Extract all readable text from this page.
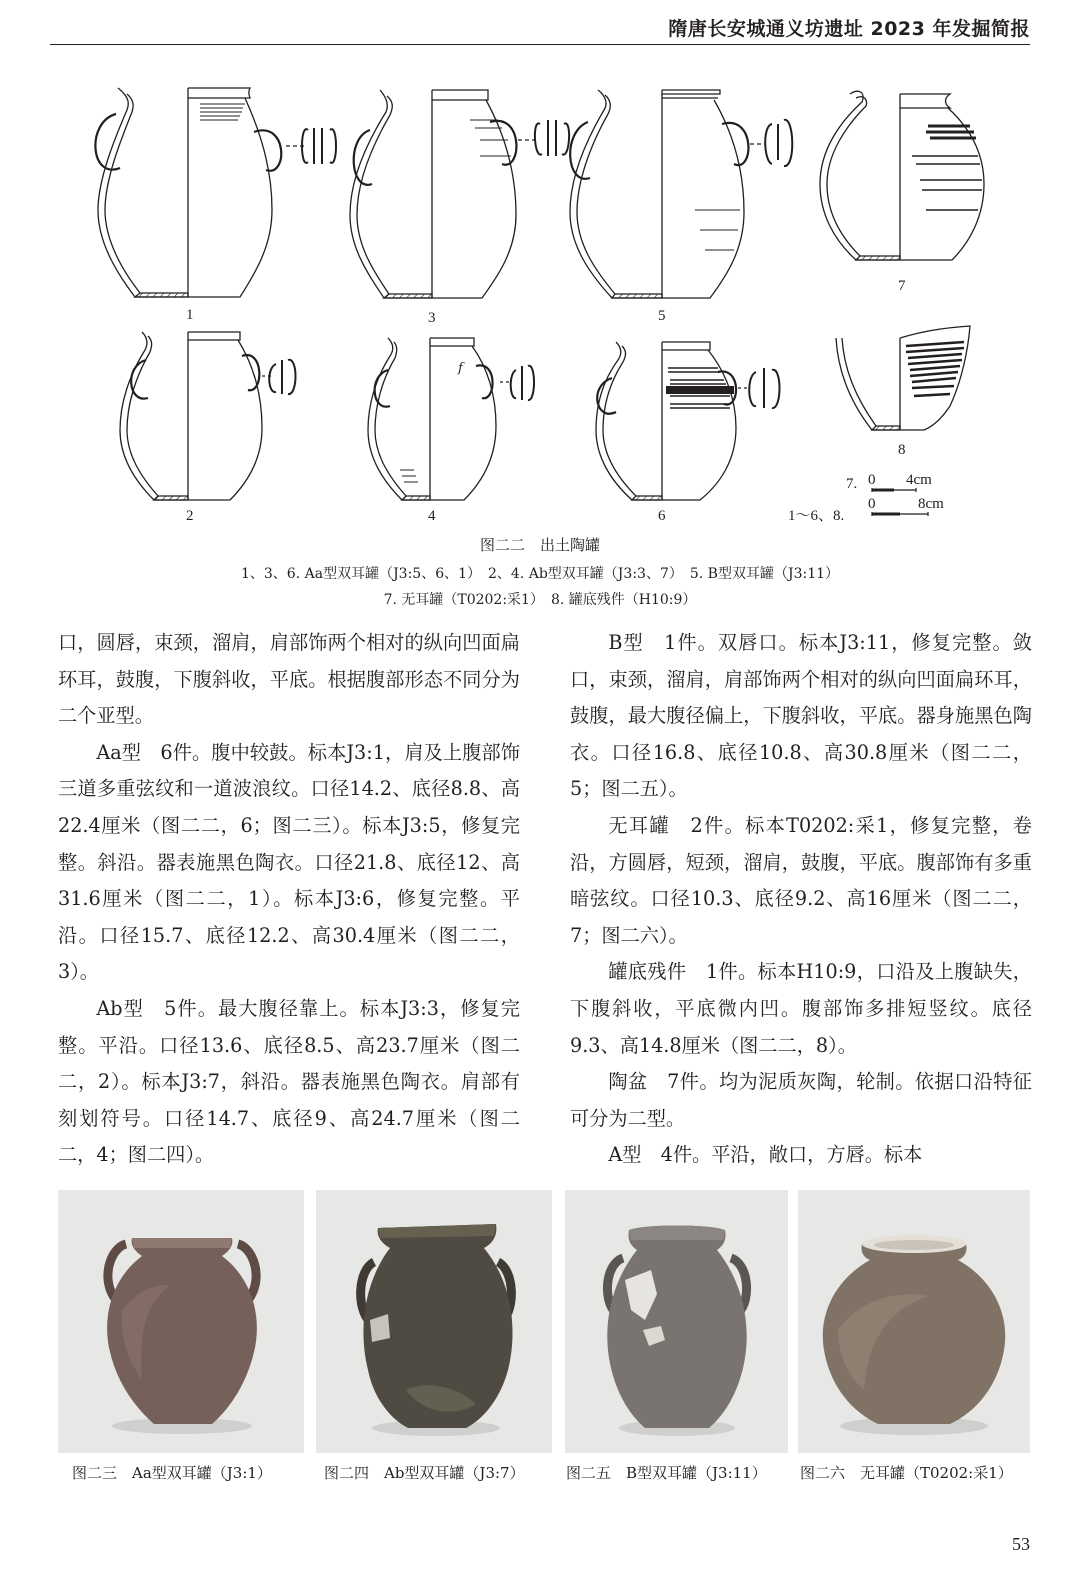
隋唐长安城通义坊遗址 2023 年发掘简报
f
1
2
3
4
5
6
7
8
7. 0 4cm
1～6、8.
0	8cm
图二二　出土陶罐
1、3、6. Aa型双耳罐（J3:5、6、1）　2、4. Ab型双耳罐（J3:3、7）　5. B型双耳罐（J3:11）
7. 无耳罐（T0202:采1）　8. 罐底残件（H10:9）

口，圆唇，束颈，溜肩，肩部饰两个相对的纵向凹面扁环耳，鼓腹，下腹斜收，平底。根据腹部形态不同分为二个亚型。

Aa型　6件。腹中较鼓。标本J3:1，肩及上腹部饰三道多重弦纹和一道波浪纹。口径14.2、底径8.8、高22.4厘米（图二二，6；图二三）。标本J3:5，修复完整。斜沿。器表施黑色陶衣。口径21.8、底径12、高31.6厘米（图二二，1）。标本J3:6，修复完整。平沿。口径15.7、底径12.2、高30.4厘米（图二二，3）。

Ab型　5件。最大腹径靠上。标本J3:3，修复完整。平沿。口径13.6、底径8.5、高23.7厘米（图二二，2）。标本J3:7，斜沿。器表施黑色陶衣。肩部有刻划符号。口径14.7、底径9、高24.7厘米（图二二，4；图二四）。

B型　1件。双唇口。标本J3:11，修复完整。敛口，束颈，溜肩，肩部饰两个相对的纵向凹面扁环耳，鼓腹，最大腹径偏上，下腹斜收，平底。器身施黑色陶衣。口径16.8、底径10.8、高30.8厘米（图二二，5；图二五）。

无耳罐　2件。标本T0202:采1，修复完整，卷沿，方圆唇，短颈，溜肩，鼓腹，平底。腹部饰有多重暗弦纹。口径10.3、底径9.2、高16厘米（图二二，7；图二六）。

罐底残件　1件。标本H10:9，口沿及上腹缺失，下腹斜收，平底微内凹。腹部饰多排短竖纹。底径9.3、高14.8厘米（图二二，8）。

陶盆　7件。均为泥质灰陶，轮制。依据口沿特征可分为二型。

A型　4件。平沿，敞口，方唇。标本

图二三　Aa型双耳罐（J3:1）	图二四　Ab型双耳罐（J3:7）	图二五　B型双耳罐（J3:11） 图二六　无耳罐（T0202:采1）
53
